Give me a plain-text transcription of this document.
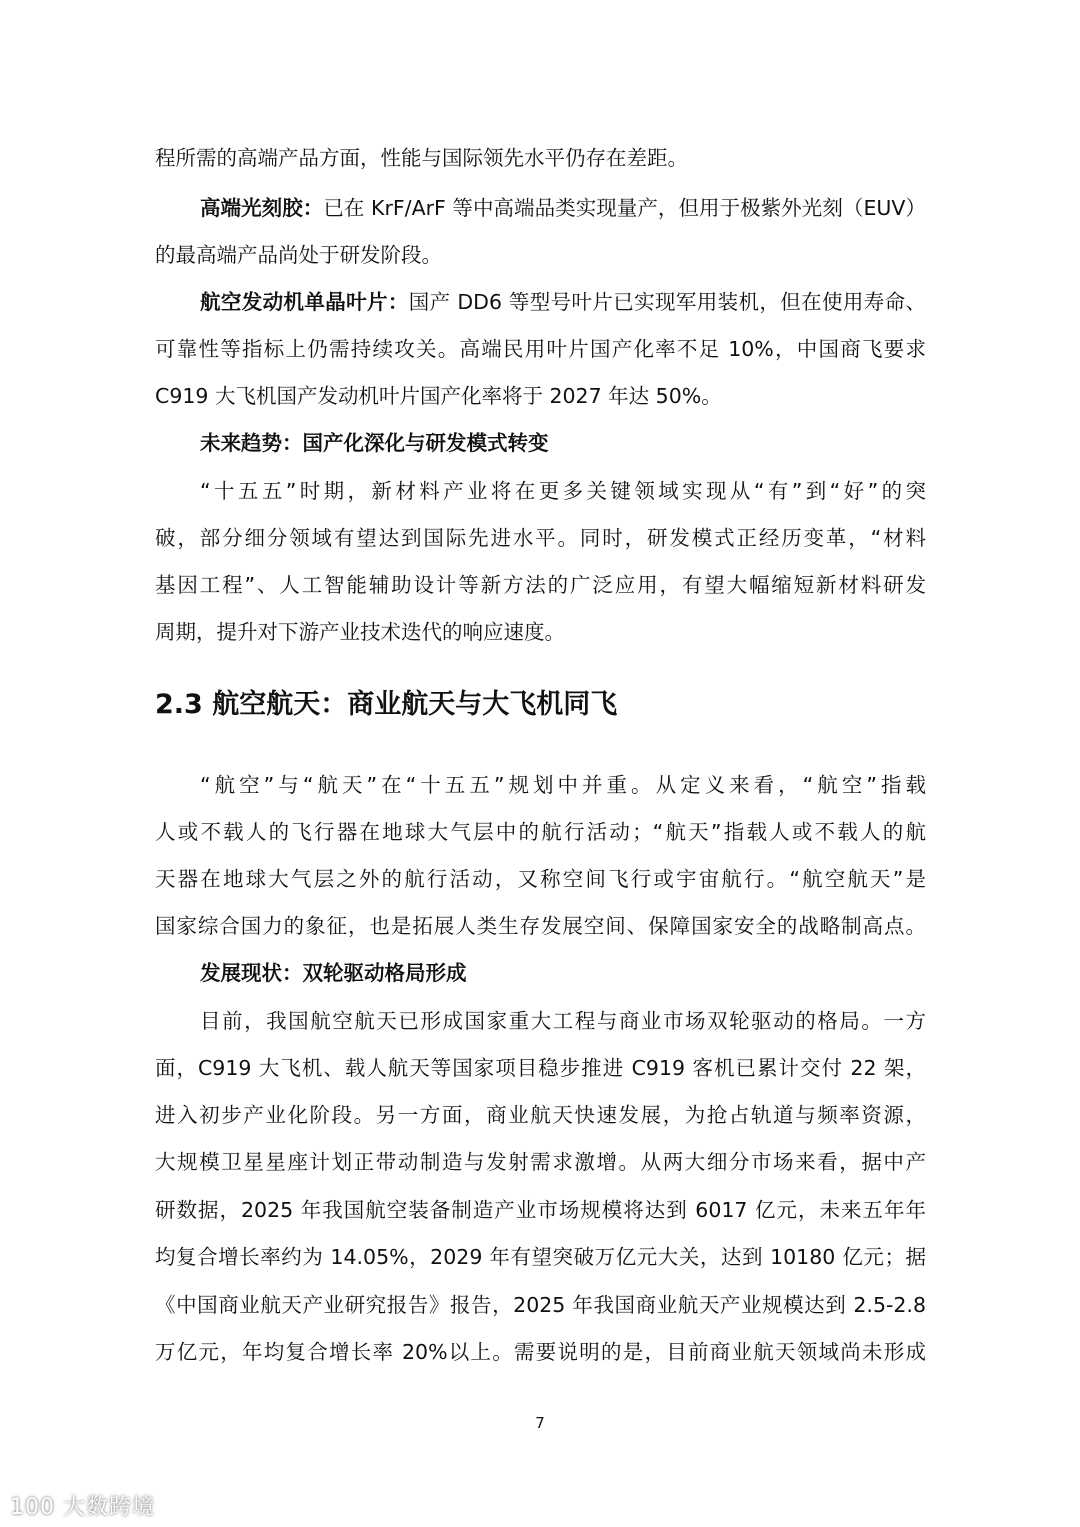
程所需的高端产品方面，性能与国际领先水平仍存在差距。
高端光刻胶：已在 KrF/ArF 等中高端品类实现量产，但用于极紫外光刻（EUV）
的最高端产品尚处于研发阶段。
航空发动机单晶叶片：国产 DD6 等型号叶片已实现军用装机，但在使用寿命、
可靠性等指标上仍需持续攻关。高端民用叶片国产化率不足 10%，中国商飞要求
C919 大飞机国产发动机叶片国产化率将于 2027 年达 50%。
未来趋势：国产化深化与研发模式转变
“十五五”时期，新材料产业将在更多关键领域实现从“有”到“好”的突
破，部分细分领域有望达到国际先进水平。同时，研发模式正经历变革，“材料
基因工程”、人工智能辅助设计等新方法的广泛应用，有望大幅缩短新材料研发
周期，提升对下游产业技术迭代的响应速度。
2.3 航空航天：商业航天与大飞机同飞
“航空”与“航天”在“十五五”规划中并重。从定义来看，“航空”指载
人或不载人的飞行器在地球大气层中的航行活动；“航天”指载人或不载人的航
天器在地球大气层之外的航行活动，又称空间飞行或宇宙航行。“航空航天”是
国家综合国力的象征，也是拓展人类生存发展空间、保障国家安全的战略制高点。
发展现状：双轮驱动格局形成
目前，我国航空航天已形成国家重大工程与商业市场双轮驱动的格局。一方
面，C919 大飞机、载人航天等国家项目稳步推进 C919 客机已累计交付 22 架，
进入初步产业化阶段。另一方面，商业航天快速发展，为抢占轨道与频率资源，
大规模卫星星座计划正带动制造与发射需求激增。从两大细分市场来看，据中产
研数据，2025 年我国航空装备制造产业市场规模将达到 6017 亿元，未来五年年
均复合增长率约为 14.05%，2029 年有望突破万亿元大关，达到 10180 亿元；据
《中国商业航天产业研究报告》报告，2025 年我国商业航天产业规模达到 2.5-2.8
万亿元，年均复合增长率 20%以上。需要说明的是，目前商业航天领域尚未形成
7
100 大数跨境
